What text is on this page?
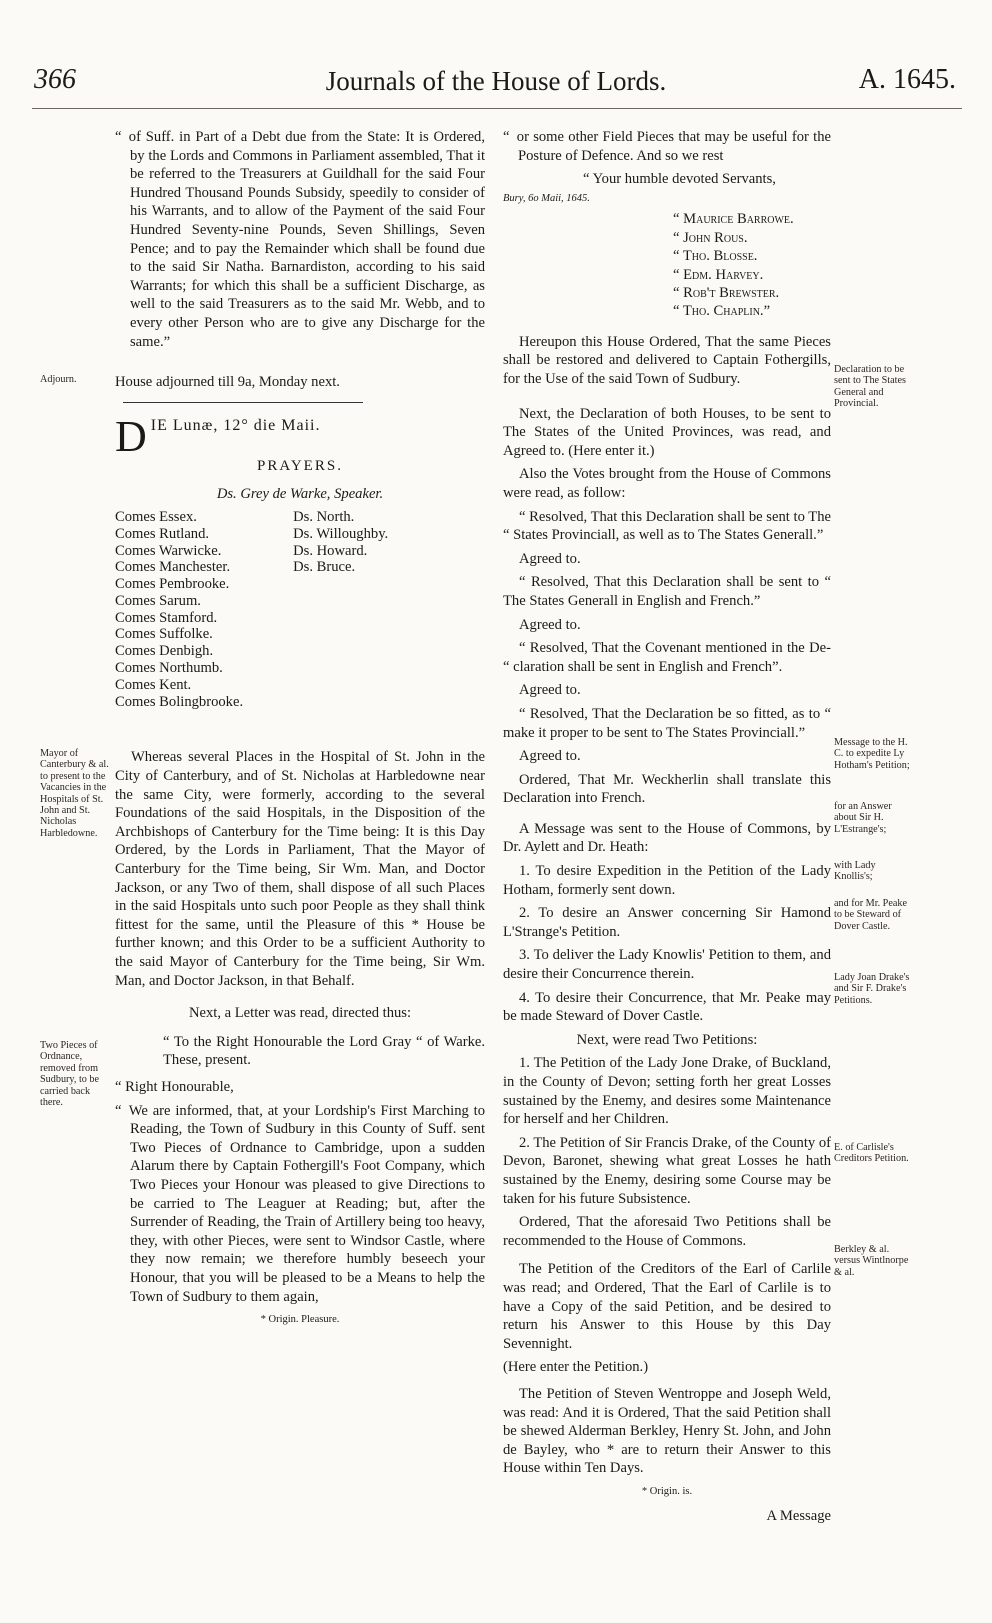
366	Journals of the House of Lords.	A. 1645.
Adjourn.
Mayor of Canterbury & al. to present to the Vacancies in the Hospitals of St. John and St. Nicholas Harbledowne.
Two Pieces of Ordnance, removed from Sudbury, to be carried back there.
Declaration to be sent to The States General and Provincial.
Message to the H. C. to expedite Ly Hotham's Petition;
for an Answer about Sir H. L'Estrange's;
with Lady Knollis's;
and for Mr. Peake to be Steward of Dover Castle.
Lady Joan Drake's and Sir F. Drake's Petitions.
E. of Carlisle's Creditors Petition.
Berkley & al. versus Wintlnorpe & al.

“ of Suff. in Part of a Debt due from the State: It is Ordered, by the Lords and Commons in Parliament assembled, That it be referred to the Treasurers at Guildhall for the said Four Hundred Thousand Pounds Subsidy, speedily to consider of his Warrants, and to allow of the Payment of the said Four Hundred Seventy-nine Pounds, Seven Shillings, Seven Pence; and to pay the Remainder which shall be found due to the said Sir Natha. Barnardiston, according to his said Warrants; for which this shall be a sufficient Discharge, as well to the said Treasurers as to the said Mr. Webb, and to every other Person who are to give any Discharge for the same.”

House adjourned till 9a, Monday next.

D IE Lunæ, 12° die Maii.
PRAYERS.
Ds. Grey de Warke, Speaker.
Comes Essex.
Comes Rutland.
Comes Warwicke.
Comes Manchester.
Comes Pembrooke.
Comes Sarum.
Comes Stamford.
Comes Suffolke.
Comes Denbigh.
Comes Northumb.
Comes Kent.
Comes Bolingbrooke.
Ds. North.
Ds. Willoughby.
Ds. Howard.
Ds. Bruce.

Whereas several Places in the Hospital of St. John in the City of Canterbury, and of St. Nicholas at Harbledowne near the same City, were formerly, according to the several Foundations of the said Hospitals, in the Disposition of the Archbishops of Canterbury for the Time being: It is this Day Ordered, by the Lords in Parliament, That the Mayor of Canterbury for the Time being, Sir Wm. Man, and Doctor Jackson, or any Two of them, shall dispose of all such Places in the said Hospitals unto such poor People as they shall think fittest for the same, until the Pleasure of this * House be further known; and this Order to be a sufficient Authority to the said Mayor of Canterbury for the Time being, Sir Wm. Man, and Doctor Jackson, in that Behalf.

Next, a Letter was read, directed thus:

“ To the Right Honourable the Lord Gray “ of Warke. These, present.

“ Right Honourable,

“ We are informed, that, at your Lordship's First Marching to Reading, the Town of Sudbury in this County of Suff. sent Two Pieces of Ordnance to Cambridge, upon a sudden Alarum there by Captain Fothergill's Foot Company, which Two Pieces your Honour was pleased to give Directions to be carried to The Leaguer at Reading; but, after the Surrender of Reading, the Train of Artillery being too heavy, they, with other Pieces, were sent to Windsor Castle, where they now remain; we therefore humbly beseech your Honour, that you will be pleased to be a Means to help the Town of Sudbury to them again,

* Origin. Pleasure.

“ or some other Field Pieces that may be useful for the Posture of Defence. And so we rest

“ Your humble devoted Servants,

Bury, 6o Maii, 1645.

“ Maurice Barrowe.
“ John Rous.
“ Tho. Blosse.
“ Edm. Harvey.
“ Rob't Brewster.
“ Tho. Chaplin.”

Hereupon this House Ordered, That the same Pieces shall be restored and delivered to Captain Fothergills, for the Use of the said Town of Sudbury.

Next, the Declaration of both Houses, to be sent to The States of the United Provinces, was read, and Agreed to. (Here enter it.)

Also the Votes brought from the House of Commons were read, as follow:

“ Resolved, That this Declaration shall be sent to The “ States Provinciall, as well as to The States Generall.”

Agreed to.

“ Resolved, That this Declaration shall be sent to “ The States Generall in English and French.”

Agreed to.

“ Resolved, That the Covenant mentioned in the De- “ claration shall be sent in English and French”.

Agreed to.

“ Resolved, That the Declaration be so fitted, as to “ make it proper to be sent to The States Provinciall.”

Agreed to.

Ordered, That Mr. Weckherlin shall translate this Declaration into French.

A Message was sent to the House of Commons, by Dr. Aylett and Dr. Heath:

1. To desire Expedition in the Petition of the Lady Hotham, formerly sent down.

2. To desire an Answer concerning Sir Hamond L'Strange's Petition.

3. To deliver the Lady Knowlis' Petition to them, and desire their Concurrence therein.

4. To desire their Concurrence, that Mr. Peake may be made Steward of Dover Castle.

Next, were read Two Petitions:

1. The Petition of the Lady Jone Drake, of Buckland, in the County of Devon; setting forth her great Losses sustained by the Enemy, and desires some Maintenance for herself and her Children.

2. The Petition of Sir Francis Drake, of the County of Devon, Baronet, shewing what great Losses he hath sustained by the Enemy, desiring some Course may be taken for his future Subsistence.

Ordered, That the aforesaid Two Petitions shall be recommended to the House of Commons.

The Petition of the Creditors of the Earl of Carlile was read; and Ordered, That the Earl of Carlile is to have a Copy of the said Petition, and be desired to return his Answer to this House by this Day Sevennight.

(Here enter the Petition.)

The Petition of Steven Wentroppe and Joseph Weld, was read: And it is Ordered, That the said Petition shall be shewed Alderman Berkley, Henry St. John, and John de Bayley, who * are to return their Answer to this House within Ten Days.

* Origin. is.
A Message
